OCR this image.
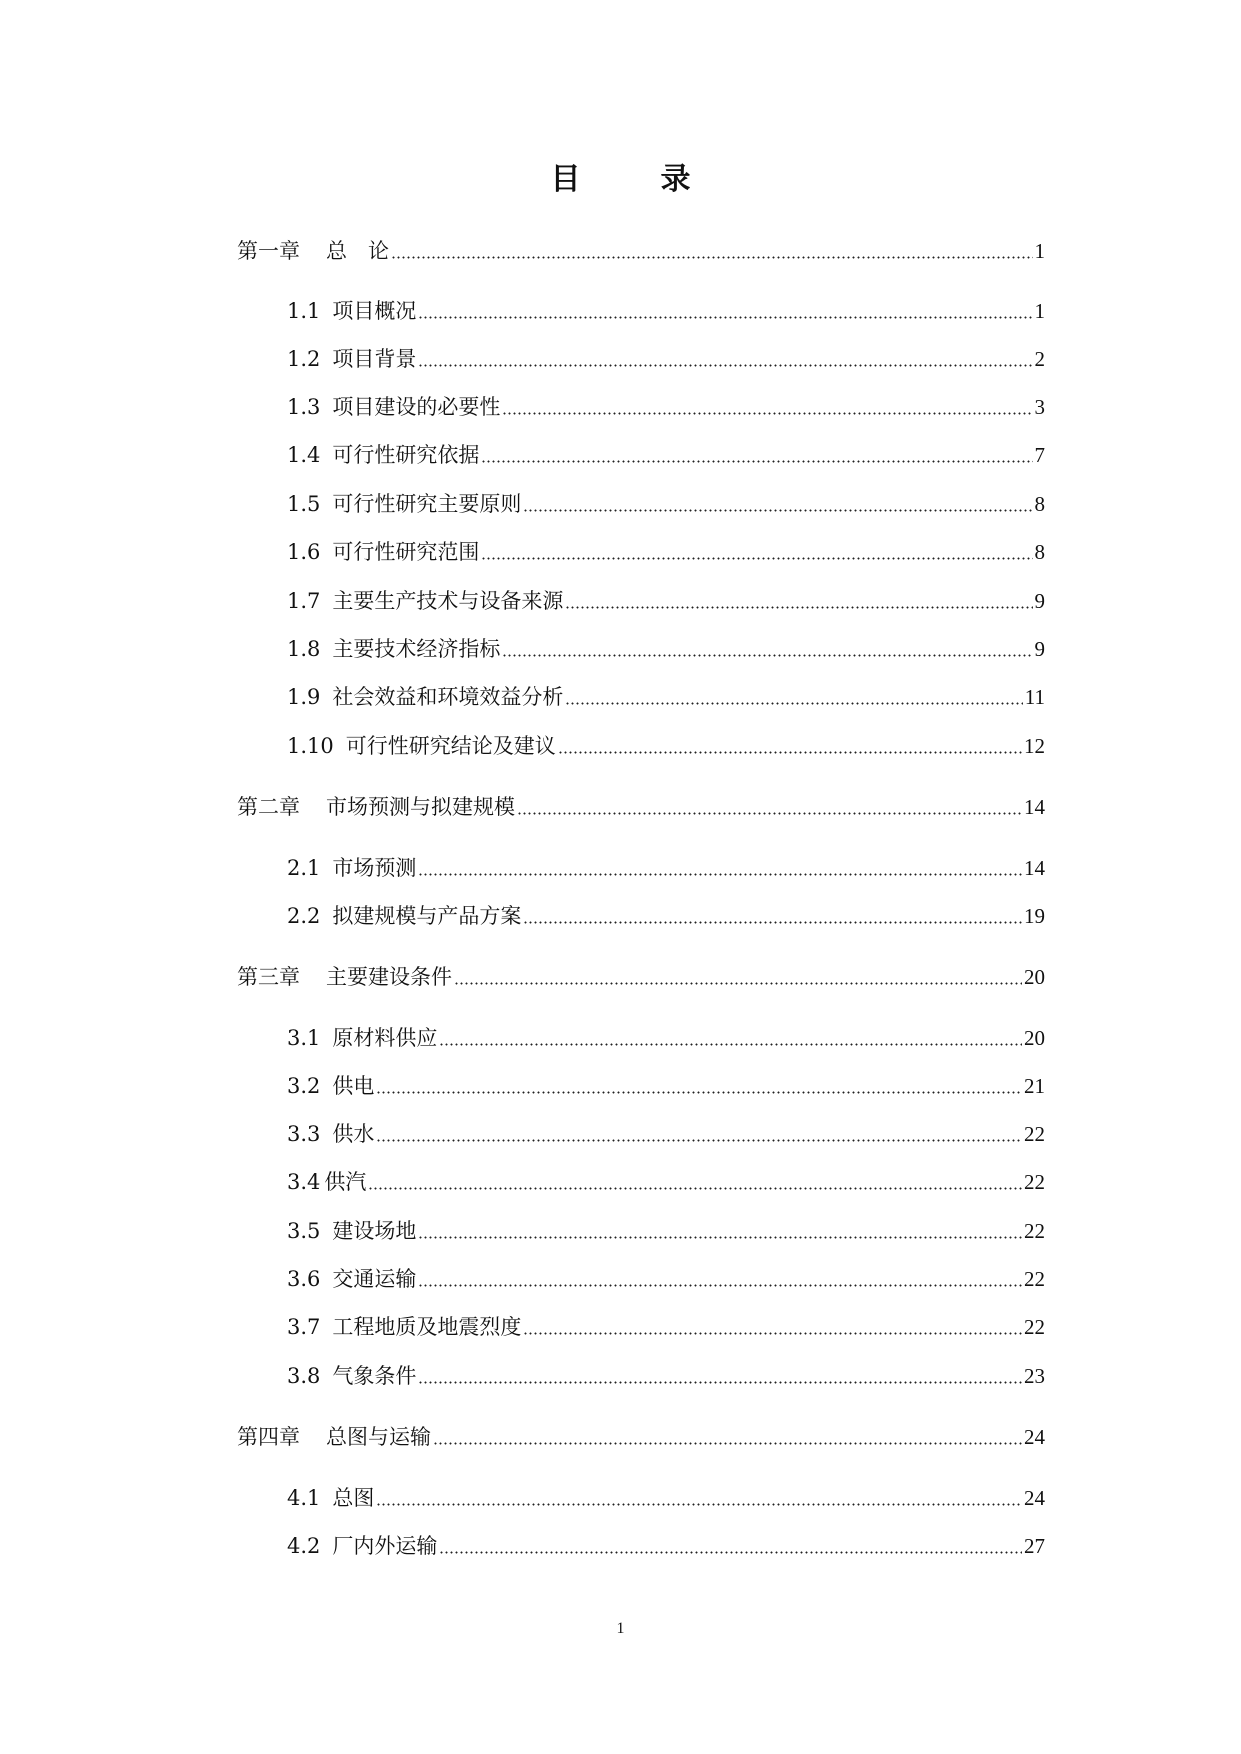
目	录
第一章 总　论	1
1.1 项目概况	1
1.2 项目背景	2
1.3 项目建设的必要性	3
1.4 可行性研究依据	7
1.5 可行性研究主要原则	8
1.6 可行性研究范围	8
1.7 主要生产技术与设备来源	9
1.8 主要技术经济指标	9
1.9 社会效益和环境效益分析	11
1.10 可行性研究结论及建议	12
第二章 市场预测与拟建规模	14
2.1 市场预测	14
2.2 拟建规模与产品方案	19
第三章 主要建设条件	20
3.1 原材料供应	20
3.2 供电	21
3.3 供水	22
3.4 供汽	22
3.5 建设场地	22
3.6 交通运输	22
3.7 工程地质及地震烈度	22
3.8 气象条件	23
第四章 总图与运输	24
4.1 总图	24
4.2 厂内外运输	27
1
